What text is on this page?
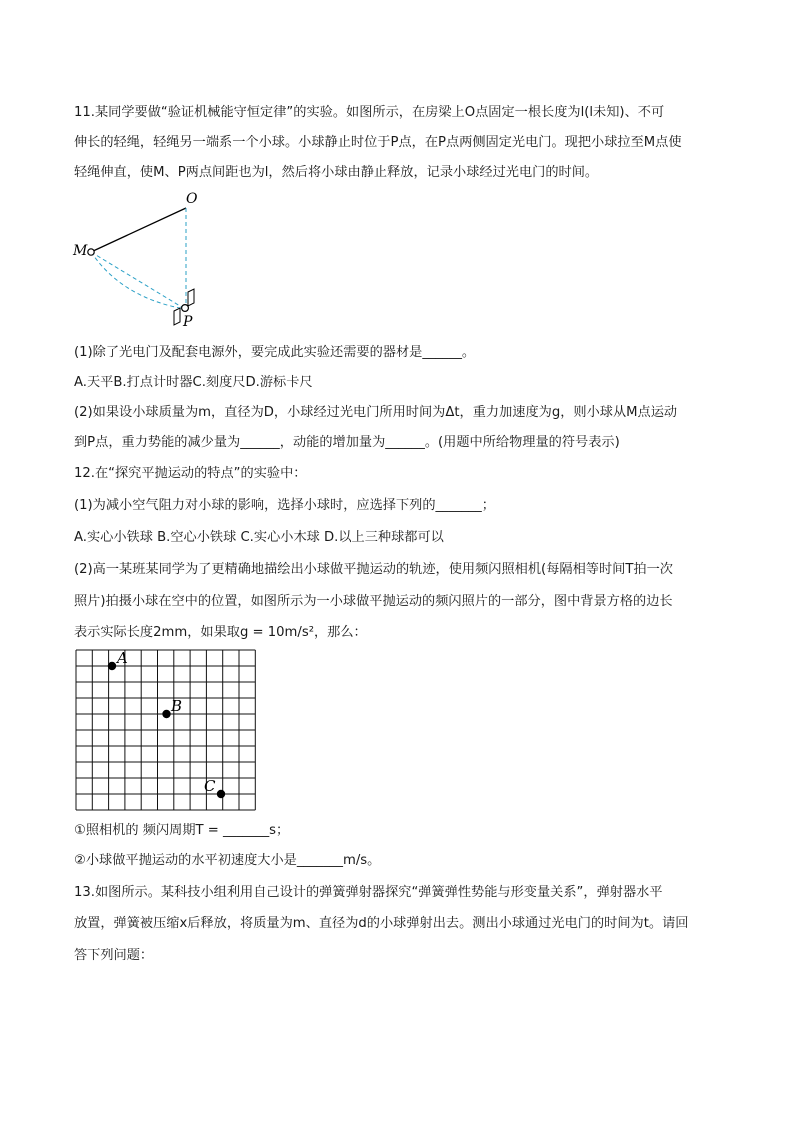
11.某同学要做“验证机械能守恒定律”的实验。如图所示，在房梁上O点固定一根长度为l(l未知)、不可
伸长的轻绳，轻绳另一端系一个小球。小球静止时位于P点，在P点两侧固定光电门。现把小球拉至M点使
轻绳伸直，使M、P两点间距也为l，然后将小球由静止释放，记录小球经过光电门的时间。
O
M
P
(1)除了光电门及配套电源外，要完成此实验还需要的器材是______。
A.天平B.打点计时器C.刻度尺D.游标卡尺
(2)如果设小球质量为m，直径为D，小球经过光电门所用时间为Δt，重力加速度为g，则小球从M点运动
到P点，重力势能的减少量为______，动能的增加量为______。(用题中所给物理量的符号表示)
12.在“探究平抛运动的特点”的实验中：
(1)为减小空气阻力对小球的影响，选择小球时，应选择下列的_______；
A.实心小铁球 B.空心小铁球 C.实心小木球 D.以上三种球都可以
(2)高一某班某同学为了更精确地描绘出小球做平抛运动的轨迹，使用频闪照相机(每隔相等时间T拍一次
照片)拍摄小球在空中的位置，如图所示为一小球做平抛运动的频闪照片的一部分，图中背景方格的边长
表示实际长度2mm，如果取g = 10m/s²，那么：
A
B
C
①照相机的 频闪周期T = _______s；
②小球做平抛运动的水平初速度大小是_______m/s。
13.如图所示。某科技小组利用自己设计的弹簧弹射器探究“弹簧弹性势能与形变量关系”，弹射器水平
放置，弹簧被压缩x后释放，将质量为m、直径为d的小球弹射出去。测出小球通过光电门的时间为t。请回
答下列问题：
